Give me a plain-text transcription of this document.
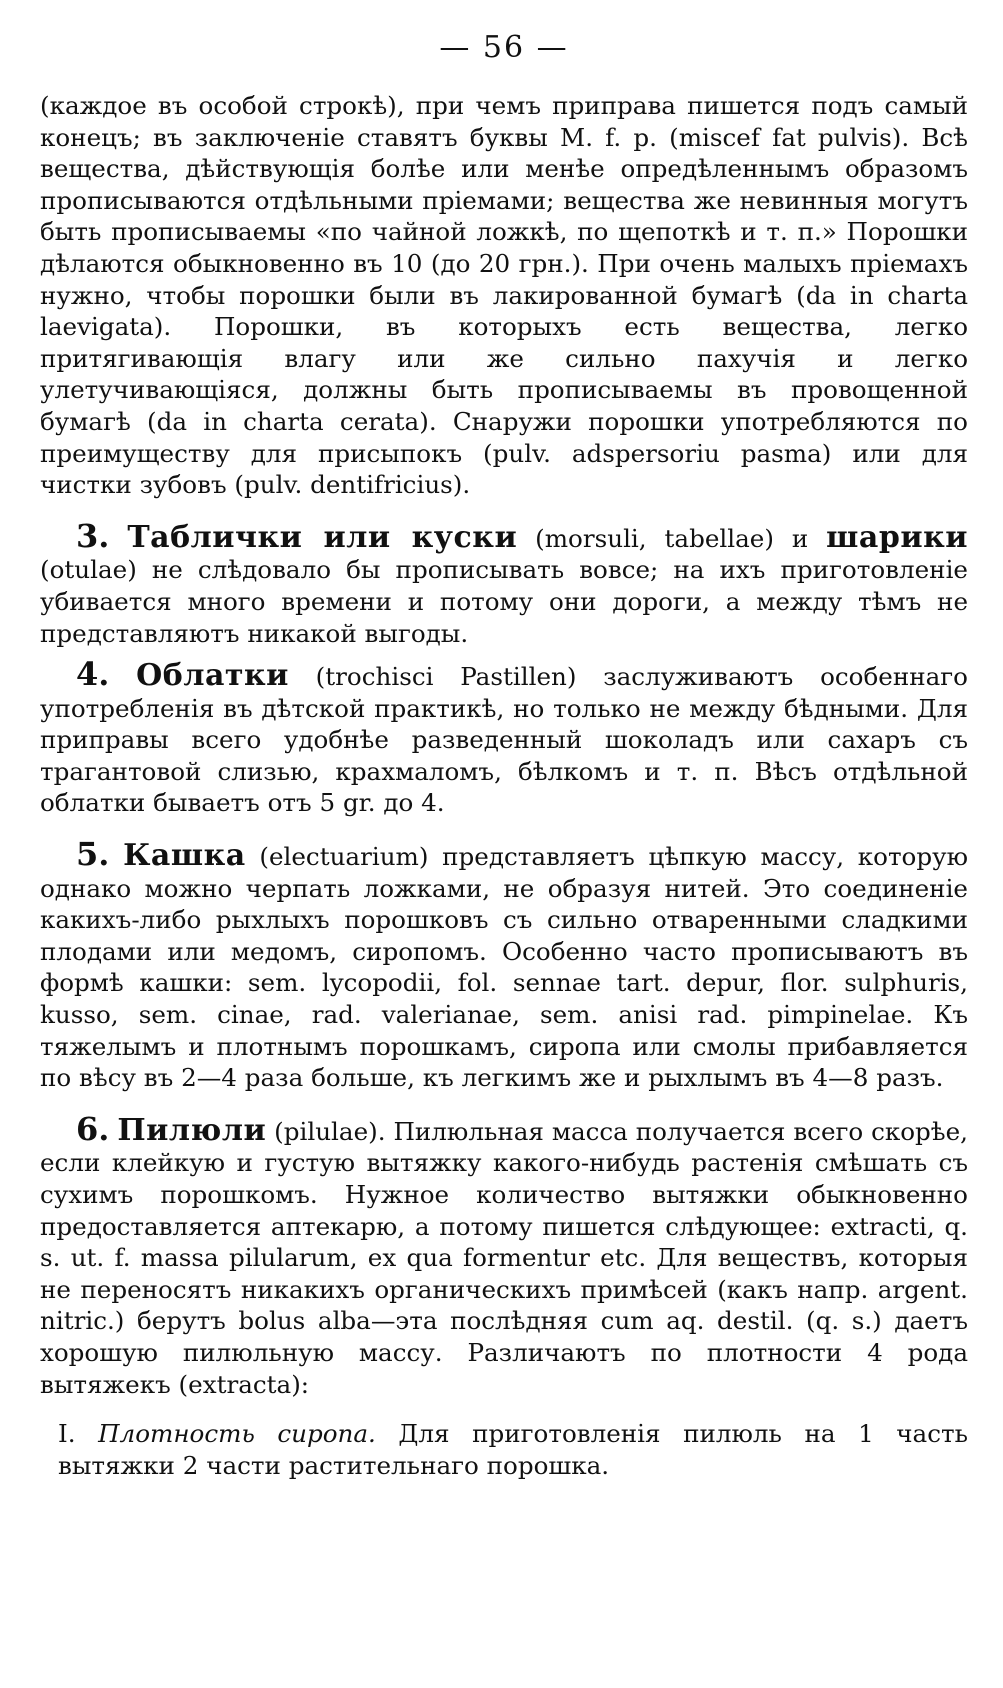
— 56 —

(каждое въ особой строкѣ), при чемъ приправа пишется подъ самый конецъ; въ заключенiе ставятъ буквы M. f. p. (miscef fat pulvis). Всѣ вещества, дѣйствующiя болѣе или менѣе опредѣленнымъ образомъ прописываются отдѣльными прiемами; вещества же невинныя могутъ быть прописываемы «по чайной ложкѣ, по щепоткѣ и т. п.» Порошки дѣлаются обыкновенно въ 10 (до 20 грн.). При очень малыхъ прiемахъ нужно, чтобы порошки были въ лакированной бумагѣ (da in charta laevigata). Порошки, въ которыхъ есть вещества, легко притягивающiя влагу или же сильно пахучiя и легко улетучивающiяся, должны быть прописываемы въ провощенной бумагѣ (da in charta cerata). Снаружи порошки употребляются по преимуществу для присыпокъ (pulv. adspersoriu pasma) или для чистки зубовъ (pulv. dentifricius).

3. Таблички или куски (morsuli, tabellae) и шарики (otulae) не слѣдовало бы прописывать вовсе; на ихъ приготовленiе убивается много времени и потому они дороги, а между тѣмъ не представляютъ никакой выгоды.

4. Облатки (trochisci Pastillen) заслуживаютъ особеннаго употребленiя въ дѣтской практикѣ, но только не между бѣдными. Для приправы всего удобнѣе разведенный шоколадъ или сахаръ съ трагантовой слизью, крахмаломъ, бѣлкомъ и т. п. Вѣсъ отдѣльной облатки бываетъ отъ 5 gr. до 4.

5. Кашка (electuarium) представляетъ цѣпкую массу, которую однако можно черпать ложками, не образуя нитей. Это соединенiе какихъ-либо рыхлыхъ порошковъ съ сильно отваренными сладкими плодами или медомъ, сиропомъ. Особенно часто прописываютъ въ формѣ кашки: sem. lycopodii, fol. sennae tart. depur, flor. sulphuris, kusso, sem. cinae, rad. valerianae, sem. anisi rad. pimpinelae. Къ тяжелымъ и плотнымъ порошкамъ, сиропа или смолы прибавляется по вѣсу въ 2—4 раза больше, къ легкимъ же и рыхлымъ въ 4—8 разъ.

6. Пилюли (pilulae). Пилюльная масса получается всего скорѣе, если клейкую и густую вытяжку какого-нибудь растенiя смѣшать съ сухимъ порошкомъ. Нужное количество вытяжки обыкновенно предоставляется аптекарю, а потому пишется слѣдующее: extracti, q. s. ut. f. massa pilularum, ex qua formentur etc. Для веществъ, которыя не переносятъ никакихъ органическихъ примѣсей (какъ напр. argent. nitric.) берутъ bolus alba—эта послѣдняя cum aq. destil. (q. s.) даетъ хорошую пилюльную массу. Различаютъ по плотности 4 рода вытяжекъ (extracta):

I. Плотность сиропа. Для приготовленiя пилюль на 1 часть вытяжки 2 части растительнаго порошка.
